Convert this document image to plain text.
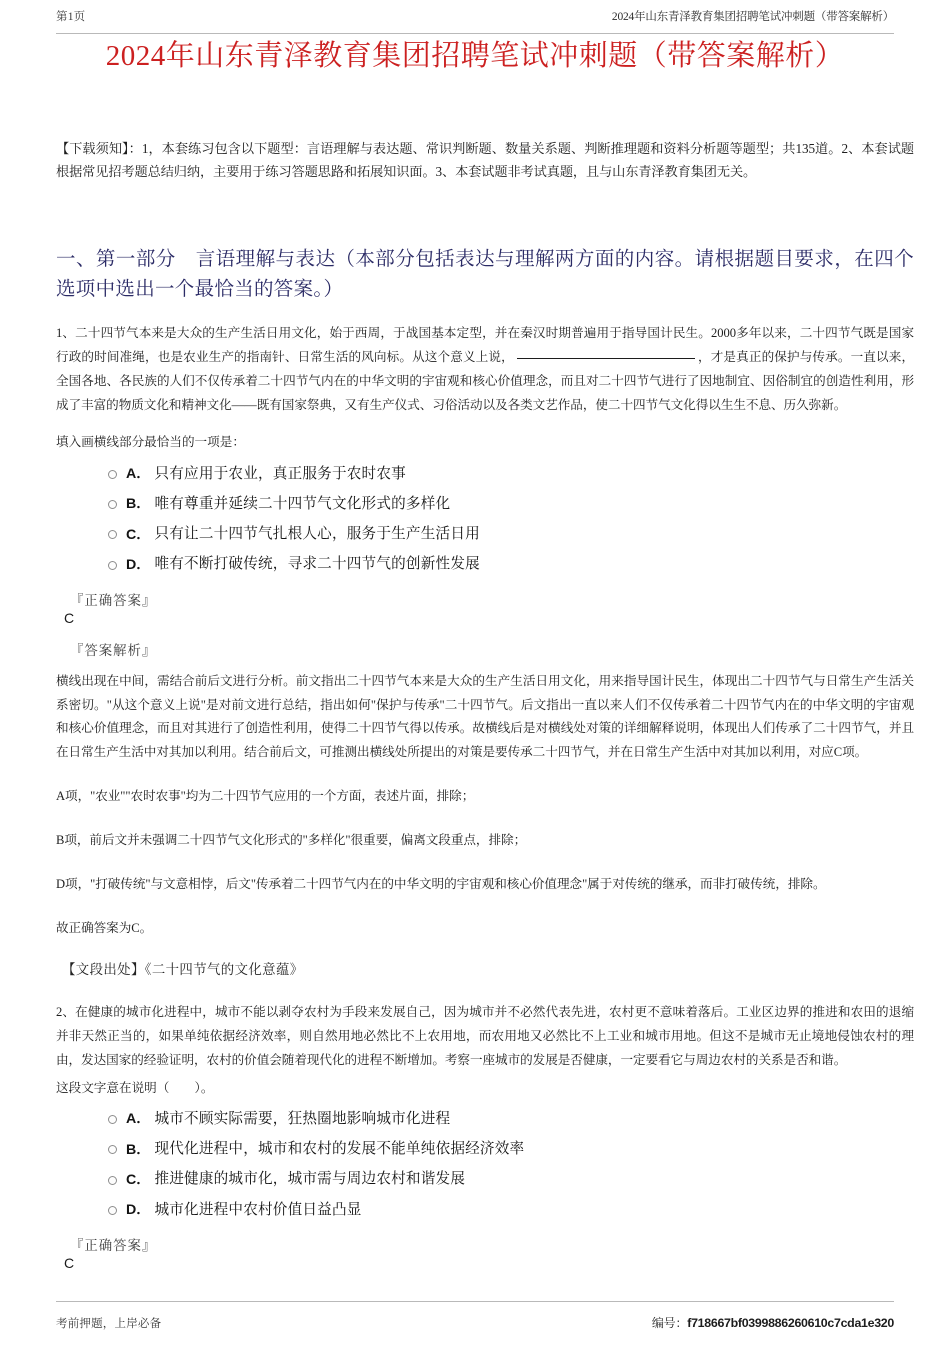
第1页	2024年山东青泽教育集团招聘笔试冲刺题（带答案解析）
2024年山东青泽教育集团招聘笔试冲刺题（带答案解析）
【下载须知】：1，本套练习包含以下题型：言语理解与表达题、常识判断题、数量关系题、判断推理题和资料分析题等题型；共135道。2、本套试题根据常见招考题总结归纳，主要用于练习答题思路和拓展知识面。3、本套试题非考试真题，且与山东青泽教育集团无关。
一、第一部分　言语理解与表达（本部分包括表达与理解两方面的内容。请根据题目要求，在四个选项中选出一个最恰当的答案。）
1、二十四节气本来是大众的生产生活日用文化，始于西周，于战国基本定型，并在秦汉时期普遍用于指导国计民生。2000多年以来，二十四节气既是国家行政的时间准绳，也是农业生产的指南针、日常生活的风向标。从这个意义上说，	，才是真正的保护与传承。一直以来，全国各地、各民族的人们不仅传承着二十四节气内在的中华文明的宇宙观和核心价值理念，而且对二十四节气进行了因地制宜、因俗制宜的创造性利用，形成了丰富的物质文化和精神文化——既有国家祭典，又有生产仪式、习俗活动以及各类文艺作品，使二十四节气文化得以生生不息、历久弥新。
填入画横线部分最恰当的一项是：
A． 只有应用于农业，真正服务于农时农事
B． 唯有尊重并延续二十四节气文化形式的多样化
C． 只有让二十四节气扎根人心，服务于生产生活日用
D． 唯有不断打破传统，寻求二十四节气的创新性发展
『正确答案』
C
『答案解析』
横线出现在中间，需结合前后文进行分析。前文指出二十四节气本来是大众的生产生活日用文化，用来指导国计民生，体现出二十四节气与日常生产生活关系密切。"从这个意义上说"是对前文进行总结，指出如何"保护与传承"二十四节气。后文指出一直以来人们不仅传承着二十四节气内在的中华文明的宇宙观和核心价值理念，而且对其进行了创造性利用，使得二十四节气得以传承。故横线后是对横线处对策的详细解释说明，体现出人们传承了二十四节气，并且在日常生产生活中对其加以利用。结合前后文，可推测出横线处所提出的对策是要传承二十四节气，并在日常生产生活中对其加以利用，对应C项。
A项，"农业""农时农事"均为二十四节气应用的一个方面，表述片面，排除；
B项，前后文并未强调二十四节气文化形式的"多样化"很重要，偏离文段重点，排除；
D项，"打破传统"与文意相悖，后文"传承着二十四节气内在的中华文明的宇宙观和核心价值理念"属于对传统的继承，而非打破传统，排除。
故正确答案为C。
【文段出处】《二十四节气的文化意蕴》
2、在健康的城市化进程中，城市不能以剥夺农村为手段来发展自己，因为城市并不必然代表先进，农村更不意味着落后。工业区边界的推进和农田的退缩并非天然正当的，如果单纯依据经济效率，则自然用地必然比不上农用地，而农用地又必然比不上工业和城市用地。但这不是城市无止境地侵蚀农村的理由，发达国家的经验证明，农村的价值会随着现代化的进程不断增加。考察一座城市的发展是否健康，一定要看它与周边农村的关系是否和谐。
这段文字意在说明（　　）。
A． 城市不顾实际需要，狂热圈地影响城市化进程
B． 现代化进程中，城市和农村的发展不能单纯依据经济效率
C． 推进健康的城市化，城市需与周边农村和谐发展
D． 城市化进程中农村价值日益凸显
『正确答案』
C
考前押题，上岸必备	编号：f718667bf0399886260610c7cda1e320
